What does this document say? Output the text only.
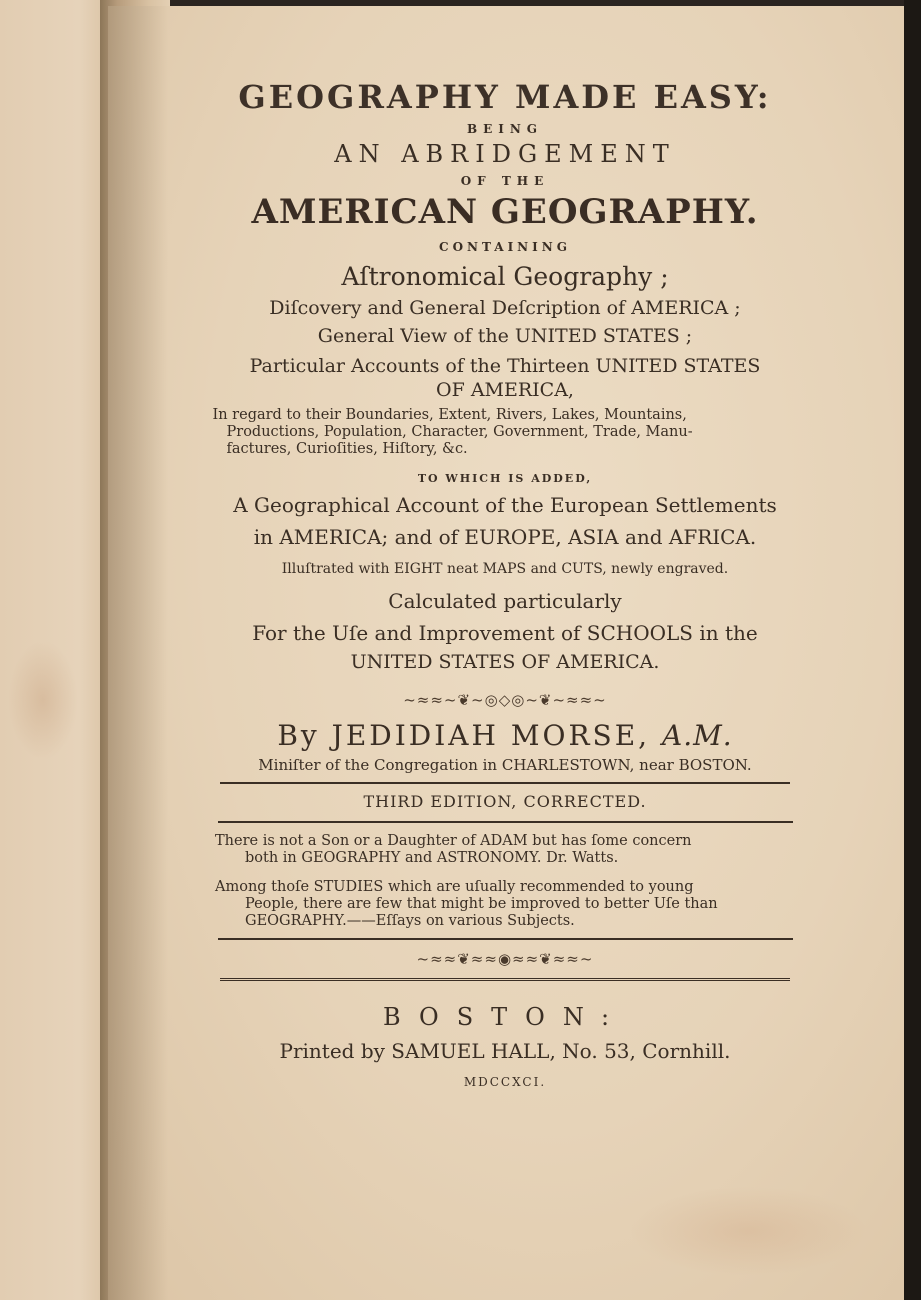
GEOGRAPHY MADE EASY:
BEING
AN ABRIDGEMENT
OF THE
AMERICAN GEOGRAPHY.
CONTAINING
Aſtronomical Geography ;
Diſcovery and General Deſcription of AMERICA ;
General View of the UNITED STATES ;
Particular Accounts of the Thirteen UNITED STATES
OF AMERICA,
In regard to their Boundaries, Extent, Rivers, Lakes, Mountains,
Productions, Population, Character, Government, Trade, Manu-
factures, Curioſities, Hiſtory, &c.
TO WHICH IS ADDED,
A Geographical Account of the European Settlements
in AMERICA; and of EUROPE, ASIA and AFRICA.
Illuſtrated with EIGHT neat MAPS and CUTS, newly engraved.
Calculated particularly
For the Uſe and Improvement of SCHOOLS in the
UNITED STATES OF AMERICA.
~≈≈~❦~◎◇◎~❦~≈≈~
By JEDIDIAH MORSE, A.M.
Miniſter of the Congregation in CHARLESTOWN, near BOSTON.
THIRD EDITION, CORRECTED.
There is not a Son or a Daughter of ADAM but has ſome concern
both in GEOGRAPHY and ASTRONOMY. Dr. Watts.
Among thoſe STUDIES which are uſually recommended to young
People, there are few that might be improved to better Uſe than
GEOGRAPHY.——Eſſays on various Subjects.
~≈≈❦≈≈◉≈≈❦≈≈~
BOSTON:
Printed by SAMUEL HALL, No. 53, Cornhill.
MDCCXCI.
